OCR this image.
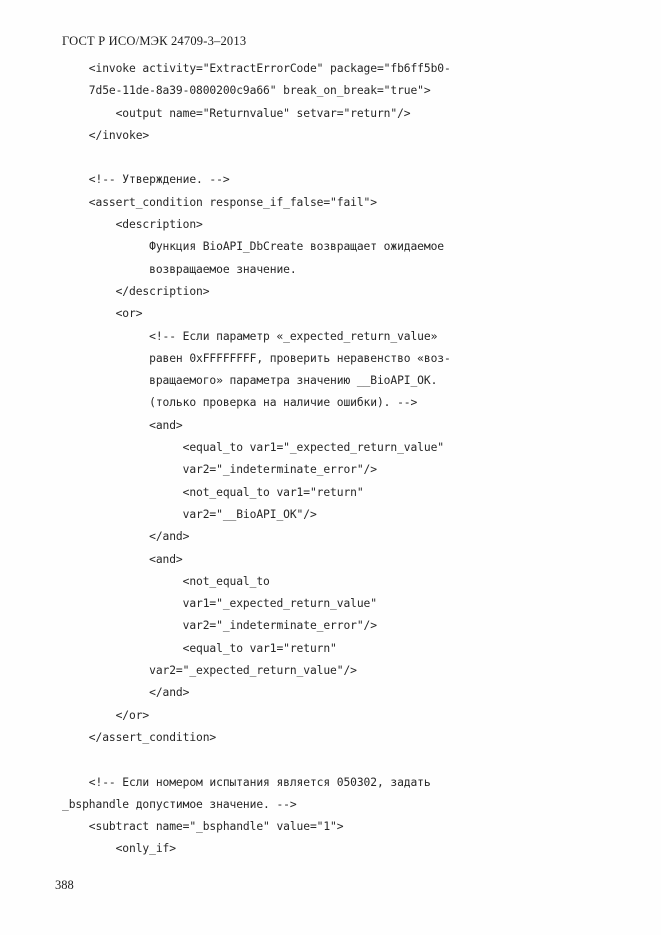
ГОСТ Р ИСО/МЭК 24709-3–2013
<invoke activity="ExtractErrorCode" package="fb6ff5b0-
7d5e-11de-8a39-0800200c9a66" break_on_break="true">
<output name="Returnvalue" setvar="return"/>
</invoke>

<!-- Утверждение. -->
<assert_condition response_if_false="fail">
<description>
Функция BioAPI_DbCreate возвращает ожидаемое
возвращаемое значение.
</description>
<or>
<!-- Если параметр «_expected_return_value»
равен 0xFFFFFFFF, проверить неравенство «воз-
вращаемого» параметра значению __BioAPI_OK.
(только проверка на наличие ошибки). -->
<and>
<equal_to var1="_expected_return_value"
var2="_indeterminate_error"/>
<not_equal_to var1="return"
var2="__BioAPI_OK"/>
</and>
<and>
<not_equal_to
var1="_expected_return_value"
var2="_indeterminate_error"/>
<equal_to var1="return"
var2="_expected_return_value"/>
</and>
</or>
</assert_condition>

<!-- Если номером испытания является 050302, задать
_bsphandle допустимое значение. -->
<subtract name="_bsphandle" value="1">
<only_if>
388
